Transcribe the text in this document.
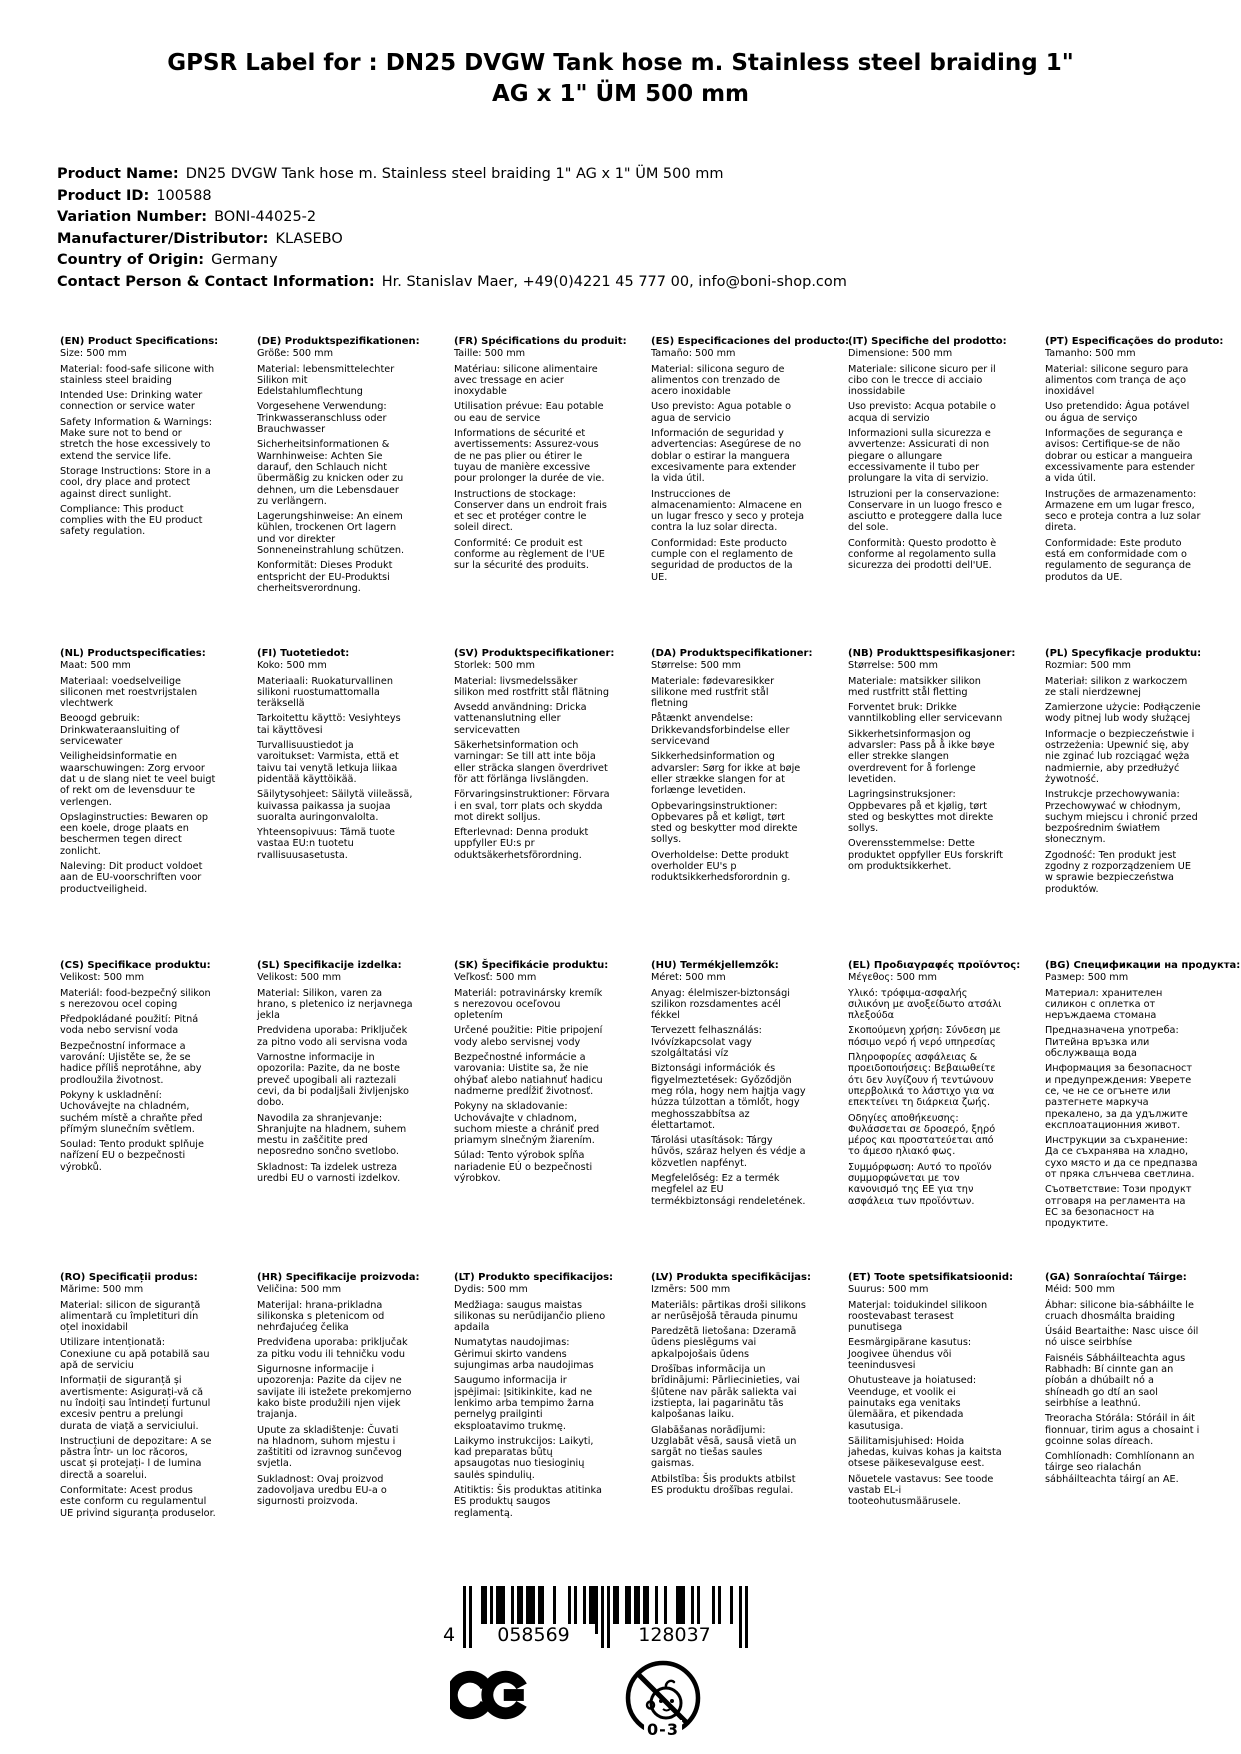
GPSR Label for : DN25 DVGW Tank hose m. Stainless steel braiding 1"
AG x 1" ÜM 500 mm
Product Name: DN25 DVGW Tank hose m. Stainless steel braiding 1" AG x 1" ÜM 500 mm
Product ID: 100588
Variation Number: BONI-44025-2
Manufacturer/Distributor: KLASEBO
Country of Origin: Germany
Contact Person & Contact Information: Hr. Stanislav Maer, +49(0)4221 45 777 00, info@boni-shop.com
(EN) Product Specifications:
Size: 500 mm
Material: food-safe silicone with stainless steel braiding
Intended Use: Drinking water connection or service water
Safety Information & Warnings: Make sure not to bend or stretch the hose excessively to extend the service life.
Storage Instructions: Store in a cool, dry place and protect against direct sunlight.
Compliance: This product complies with the EU product safety regulation.
(DE) Produktspezifikationen:
Größe: 500 mm
Material: lebensmittelechter Silikon mit Edelstahlumflechtung
Vorgesehene Verwendung: Trinkwasseranschluss oder Brauchwasser
Sicherheitsinformationen & Warnhinweise: Achten Sie darauf, den Schlauch nicht übermäßig zu knicken oder zu dehnen, um die Lebensdauer zu verlängern.
Lagerungshinweise: An einem kühlen, trockenen Ort lagern und vor direkter Sonneneinstrahlung schützen.
Konformität: Dieses Produkt entspricht der EU-Produktsi cherheitsverordnung.
(FR) Spécifications du produit:
Taille: 500 mm
Matériau: silicone alimentaire avec tressage en acier inoxydable
Utilisation prévue: Eau potable ou eau de service
Informations de sécurité et avertissements: Assurez-vous de ne pas plier ou étirer le tuyau de manière excessive pour prolonger la durée de vie.
Instructions de stockage: Conserver dans un endroit frais et sec et protéger contre le soleil direct.
Conformité: Ce produit est conforme au règlement de l'UE sur la sécurité des produits.
(ES) Especificaciones del producto:
Tamaño: 500 mm
Material: silicona seguro de alimentos con trenzado de acero inoxidable
Uso previsto: Agua potable o agua de servicio
Información de seguridad y advertencias: Asegúrese de no doblar o estirar la manguera excesivamente para extender la vida útil.
Instrucciones de almacenamiento: Almacene en un lugar fresco y seco y proteja contra la luz solar directa.
Conformidad: Este producto cumple con el reglamento de seguridad de productos de la UE.
(IT) Specifiche del prodotto:
Dimensione: 500 mm
Materiale: silicone sicuro per il cibo con le trecce di acciaio inossidabile
Uso previsto: Acqua potabile o acqua di servizio
Informazioni sulla sicurezza e avvertenze: Assicurati di non piegare o allungare eccessivamente il tubo per prolungare la vita di servizio.
Istruzioni per la conservazione: Conservare in un luogo fresco e asciutto e proteggere dalla luce del sole.
Conformità: Questo prodotto è conforme al regolamento sulla sicurezza dei prodotti dell'UE.
(PT) Especificações do produto:
Tamanho: 500 mm
Material: silicone seguro para alimentos com trança de aço inoxidável
Uso pretendido: Água potável ou água de serviço
Informações de segurança e avisos: Certifique-se de não dobrar ou esticar a mangueira excessivamente para estender a vida útil.
Instruções de armazenamento: Armazene em um lugar fresco, seco e proteja contra a luz solar direta.
Conformidade: Este produto está em conformidade com o regulamento de segurança de produtos da UE.
(NL) Productspecificaties:
Maat: 500 mm
Materiaal: voedselveilige siliconen met roestvrijstalen vlechtwerk
Beoogd gebruik: Drinkwateraansluiting of servicewater
Veiligheidsinformatie en waarschuwingen: Zorg ervoor dat u de slang niet te veel buigt of rekt om de levensduur te verlengen.
Opslaginstructies: Bewaren op een koele, droge plaats en beschermen tegen direct zonlicht.
Naleving: Dit product voldoet aan de EU-voorschriften voor productveiligheid.
(FI) Tuotetiedot:
Koko: 500 mm
Materiaali: Ruokaturvallinen silikoni ruostumattomalla teräksellä
Tarkoitettu käyttö: Vesiyhteys tai käyttövesi
Turvallisuustiedot ja varoitukset: Varmista, että et taivu tai venytä letkuja liikaa pidentää käyttöikää.
Säilytysohjeet: Säilytä viileässä, kuivassa paikassa ja suojaa suoralta auringonvalolta.
Yhteensopivuus: Tämä tuote vastaa EU:n tuotetu rvallisuusasetusta.
(SV) Produktspecifikationer:
Storlek: 500 mm
Material: livsmedelssäker silikon med rostfritt stål flätning
Avsedd användning: Dricka vattenanslutning eller servicevatten
Säkerhetsinformation och varningar: Se till att inte böja eller sträcka slangen överdrivet för att förlänga livslängden.
Förvaringsinstruktioner: Förvara i en sval, torr plats och skydda mot direkt solljus.
Efterlevnad: Denna produkt uppfyller EU:s pr oduktsäkerhetsförordning.
(DA) Produktspecifikationer:
Størrelse: 500 mm
Materiale: fødevaresikker silikone med rustfrit stål fletning
Påtænkt anvendelse: Drikkevandsforbindelse eller servicevand
Sikkerhedsinformation og advarsler: Sørg for ikke at bøje eller strække slangen for at forlænge levetiden.
Opbevaringsinstruktioner: Opbevares på et køligt, tørt sted og beskytter mod direkte sollys.
Overholdelse: Dette produkt overholder EU's p roduktsikkerhedsforordnin g.
(NB) Produkttspesifikasjoner:
Størrelse: 500 mm
Materiale: matsikker silikon med rustfritt stål fletting
Forventet bruk: Drikke vanntilkobling eller servicevann
Sikkerhetsinformasjon og advarsler: Pass på å ikke bøye eller strekke slangen overdrevent for å forlenge levetiden.
Lagringsinstruksjoner: Oppbevares på et kjølig, tørt sted og beskyttes mot direkte sollys.
Overensstemmelse: Dette produktet oppfyller EUs forskrift om produktsikkerhet.
(PL) Specyfikacje produktu:
Rozmiar: 500 mm
Materiał: silikon z warkoczem ze stali nierdzewnej
Zamierzone użycie: Podłączenie wody pitnej lub wody służącej
Informacje o bezpieczeństwie i ostrzeżenia: Upewnić się, aby nie zginać lub rozciągać węża nadmiernie, aby przedłużyć żywotność.
Instrukcje przechowywania: Przechowywać w chłodnym, suchym miejscu i chronić przed bezpośrednim światłem słonecznym.
Zgodność: Ten produkt jest zgodny z rozporządzeniem UE w sprawie bezpieczeństwa produktów.
(CS) Specifikace produktu:
Velikost: 500 mm
Materiál: food-bezpečný silikon s nerezovou ocel coping
Předpokládané použití: Pitná voda nebo servisní voda
Bezpečnostní informace a varování: Ujistěte se, že se hadice příliš neprotáhne, aby prodloužila životnost.
Pokyny k uskladnění: Uchovávejte na chladném, suchém místě a chraňte před přímým slunečním světlem.
Soulad: Tento produkt splňuje nařízení EU o bezpečnosti výrobků.
(SL) Specifikacije izdelka:
Velikost: 500 mm
Material: Silikon, varen za hrano, s pletenico iz nerjavnega jekla
Predvidena uporaba: Priključek za pitno vodo ali servisna voda
Varnostne informacije in opozorila: Pazite, da ne boste preveč upogibali ali raztezali cevi, da bi podaljšali življenjsko dobo.
Navodila za shranjevanje: Shranjujte na hladnem, suhem mestu in zaščitite pred neposredno sončno svetlobo.
Skladnost: Ta izdelek ustreza uredbi EU o varnosti izdelkov.
(SK) Špecifikácie produktu:
Veľkosť: 500 mm
Materiál: potravinársky kremík s nerezovou oceľovou opletením
Určené použitie: Pitie pripojení vody alebo servisnej vody
Bezpečnostné informácie a varovania: Uistite sa, že nie ohýbať alebo natiahnuť hadicu nadmerne predĺžiť životnosť.
Pokyny na skladovanie: Uchovávajte v chladnom, suchom mieste a chrániť pred priamym slnečným žiarením.
Súlad: Tento výrobok spĺňa nariadenie EÚ o bezpečnosti výrobkov.
(HU) Termékjellemzők:
Méret: 500 mm
Anyag: élelmiszer-biztonsági szilikon rozsdamentes acél fékkel
Tervezett felhasználás: Ivóvízkapcsolat vagy szolgáltatási víz
Biztonsági információk és figyelmeztetések: Győződjön meg róla, hogy nem hajtja vagy húzza túlzottan a tömlőt, hogy meghosszabbítsa az élettartamot.
Tárolási utasítások: Tárgy hűvös, száraz helyen és védje a közvetlen napfényt.
Megfelelőség: Ez a termék megfelel az EU termékbiztonsági rendeletének.
(EL) Προδιαγραφές προϊόντος:
Μέγεθος: 500 mm
Υλικό: τρόφιμα-ασφαλής σιλικόνη με ανοξείδωτο ατσάλι πλεξούδα
Σκοπούμενη χρήση: Σύνδεση με πόσιμο νερό ή νερό υπηρεσίας
Πληροφορίες ασφάλειας & προειδοποιήσεις: Βεβαιωθείτε ότι δεν λυγίζουν ή τεντώνουν υπερβολικά το λάστιχο για να επεκτείνει τη διάρκεια ζωής.
Οδηγίες αποθήκευσης: Φυλάσσεται σε δροσερό, ξηρό μέρος και προστατεύεται από το άμεσο ηλιακό φως.
Συμμόρφωση: Αυτό το προϊόν συμμορφώνεται με τον κανονισμό της ΕΕ για την ασφάλεια των προϊόντων.
(BG) Спецификации на продукта:
Размер: 500 mm
Материал: хранителен силикон с оплетка от неръждаема стомана
Предназначена употреба: Питейна връзка или обслужваща вода
Информация за безопасност и предупреждения: Уверете се, че не се огънете или разтегнете маркуча прекалено, за да удължите експлоатационния живот.
Инструкции за съхранение: Да се съхранява на хладно, сухо място и да се предпазва от пряка слънчева светлина.
Съответствие: Този продукт отговаря на регламента на ЕС за безопасност на продуктите.
(RO) Specificații produs:
Mărime: 500 mm
Material: silicon de siguranță alimentară cu împletituri din oțel inoxidabil
Utilizare intenționată: Conexiune cu apă potabilă sau apă de serviciu
Informații de siguranță și avertismente: Asigurați-vă că nu îndoiți sau întindeți furtunul excesiv pentru a prelungi durata de viață a serviciului.
Instrucțiuni de depozitare: A se păstra într- un loc răcoros, uscat și protejați- l de lumina directă a soarelui.
Conformitate: Acest produs este conform cu regulamentul UE privind siguranța produselor.
(HR) Specifikacije proizvoda:
Veličina: 500 mm
Materijal: hrana-prikladna silikonska s pletenicom od nehrđajućeg čelika
Predviđena uporaba: priključak za pitku vodu ili tehničku vodu
Sigurnosne informacije i upozorenja: Pazite da cijev ne savijate ili istežete prekomjerno kako biste produžili njen vijek trajanja.
Upute za skladištenje: Čuvati na hladnom, suhom mjestu i zaštititi od izravnog sunčevog svjetla.
Sukladnost: Ovaj proizvod zadovoljava uredbu EU-a o sigurnosti proizvoda.
(LT) Produkto specifikacijos:
Dydis: 500 mm
Medžiaga: saugus maistas silikonas su nerūdijančio plieno apdaila
Numatytas naudojimas: Gėrimui skirto vandens sujungimas arba naudojimas
Saugumo informacija ir įspėjimai: Įsitikinkite, kad ne lenkimo arba tempimo žarna pernelyg prailginti eksploatavimo trukmę.
Laikymo instrukcijos: Laikyti, kad preparatas būtų apsaugotas nuo tiesioginių saulės spindulių.
Atitiktis: Šis produktas atitinka ES produktų saugos reglamentą.
(LV) Produkta specifikācijas:
Izmērs: 500 mm
Materiāls: pārtikas droši silikons ar nerūsējošā tērauda pinumu
Paredzētā lietošana: Dzeramā ūdens pieslēgums vai apkalpojošais ūdens
Drošības informācija un brīdinājumi: Pārliecinieties, vai šļūtene nav pārāk saliekta vai izstiepta, lai pagarinātu tās kalpošanas laiku.
Glabāšanas norādījumi: Uzglabāt vēsā, sausā vietā un sargāt no tiešas saules gaismas.
Atbilstība: Šis produkts atbilst ES produktu drošības regulai.
(ET) Toote spetsifikatsioonid:
Suurus: 500 mm
Materjal: toidukindel silikoon roostevabast terasest punutisega
Eesmärgipärane kasutus: Joogivee ühendus või teenindusvesi
Ohutusteave ja hoiatused: Veenduge, et voolik ei painutaks ega venitaks ülemäära, et pikendada kasutusiga.
Säilitamisjuhised: Hoida jahedas, kuivas kohas ja kaitsta otsese päikesevalguse eest.
Nõuetele vastavus: See toode vastab EL-i tooteohutusmäärusele.
(GA) Sonraíochtaí Táirge:
Méid: 500 mm
Ábhar: silicone bia-sábháilte le cruach dhosmálta braiding
Úsáid Beartaithe: Nasc uisce óil nó uisce seirbhíse
Faisnéis Sábháilteachta agus Rabhadh: Bí cinnte gan an píobán a dhúbailt nó a shíneadh go dtí an saol seirbhíse a leathnú.
Treoracha Stórála: Stóráil in áit fionnuar, tirim agus a chosaint i gcoinne solas díreach.
Comhlíonadh: Comhlíonann an táirge seo rialachán sábháilteachta táirgí an AE.
4	058569	128037
0-3
